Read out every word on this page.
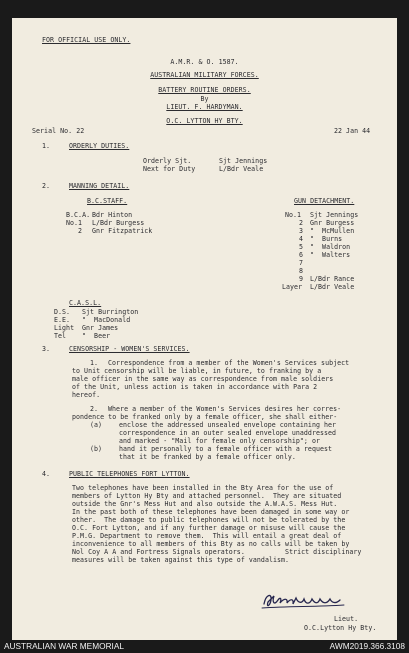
FOR OFFICIAL USE ONLY.
A.M.R. & O. 1587.
AUSTRALIAN MILITARY FORCES.
BATTERY ROUTINE ORDERS.
By
LIEUT. F. HARDYMAN.
O.C. LYTTON HY BTY.
Serial No. 22	22 Jan 44
1.	ORDERLY DUTIES.
Orderly Sjt.	Sjt Jennings
Next for Duty	L/Bdr Veale
2.	MANNING DETAIL.
B.C.STAFF.	GUN DETACHMENT.
B.C.A. Bdr Hinton
No.1 L/Bdr Burgess
2 Gnr Fitzpatrick
No.1 Sjt Jennings
2 Gnr Burgess
3 "  McMullen
4 "  Burns
5 "  Waldron
6 "  Walters
7
8
9 L/Bdr Rance
Layer L/Bdr Veale
C.A.S.L.
D.S. Sjt Burrington
E.E. "  MacDonald
Light Gnr James
Tel "  Beer
3.	CENSORSHIP - WOMEN'S SERVICES.
1. Correspondence from a member of the Women's Services subject
to Unit censorship will be liable, in future, to franking by a
male officer in the same way as correspondence from male soldiers
of the Unit, unless action is taken in accordance with Para 2
hereof.
2. Where a member of the Women's Services desires her corres-
pondence to be franked only by a female officer, she shall either-
(a)	enclose the addressed unsealed envelope containing her
correspondence in an outer sealed envelope unaddressed
and marked - "Mail for female only censorship"; or
(b)	hand it personally to a female officer with a request
that it be franked by a female officer only.
4.	PUBLIC TELEPHONES FORT LYTTON.
Two telephones have been installed in the Bty Area for the use of
members of Lytton Hy Bty and attached personnel.  They are situated
outside the Gnr's Mess Hut and also outside the A.W.A.S. Mess Hut.
In the past both of these telephones have been damaged in some way or
other.  The damage to public telephones will not be tolerated by the
O.C. Fort Lytton, and if any further damage or misuse will cause the
P.M.G. Department to remove them.  This will entail a great deal of
inconvenience to all members of this Bty as no calls will be taken by
Nol Coy A A and Fortress Signals operators.          Strict disciplinary
measures will be taken against this type of vandalism.
Lieut.
O.C.Lytton Hy Bty.
AUSTRALIAN WAR MEMORIAL	AWM2019.366.3108
